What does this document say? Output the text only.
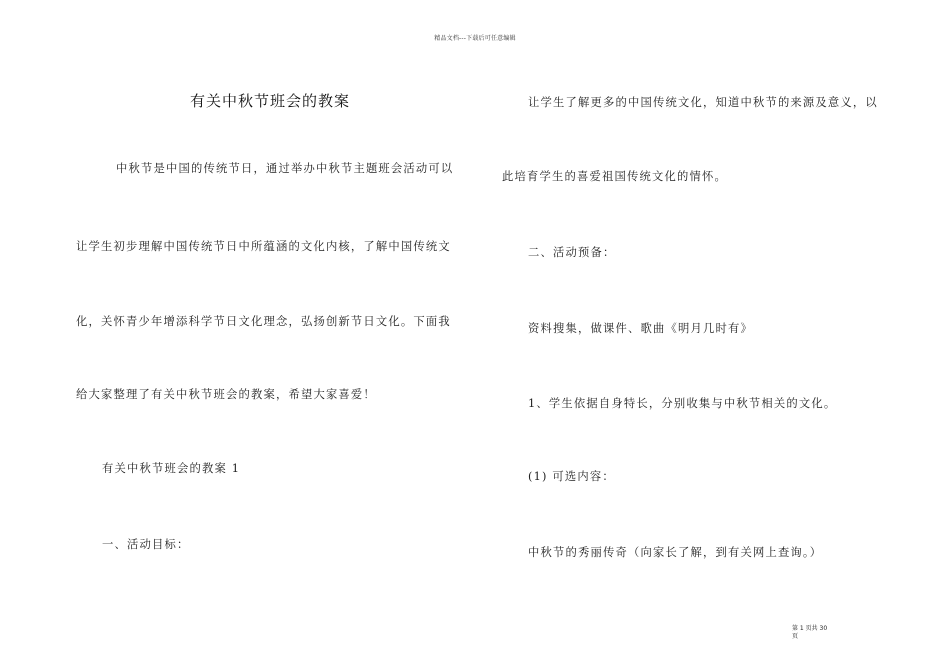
精品文档---下载后可任意编辑
有关中秋节班会的教案
中秋节是中国的传统节日，通过举办中秋节主题班会活动可以
让学生初步理解中国传统节日中所蕴涵的文化内核，了解中国传统文
化，关怀青少年增添科学节日文化理念，弘扬创新节日文化。下面我
给大家整理了有关中秋节班会的教案，希望大家喜爱！
有关中秋节班会的教案 1
一、活动目标：
让学生了解更多的中国传统文化，知道中秋节的来源及意义，以
此培育学生的喜爱祖国传统文化的情怀。
二、活动预备：
资料搜集，做课件、歌曲《明月几时有》
1、学生依据自身特长，分别收集与中秋节相关的文化。
(1) 可选内容：
中秋节的秀丽传奇（向家长了解，到有关网上查询。）
第 1 页共 30
页
